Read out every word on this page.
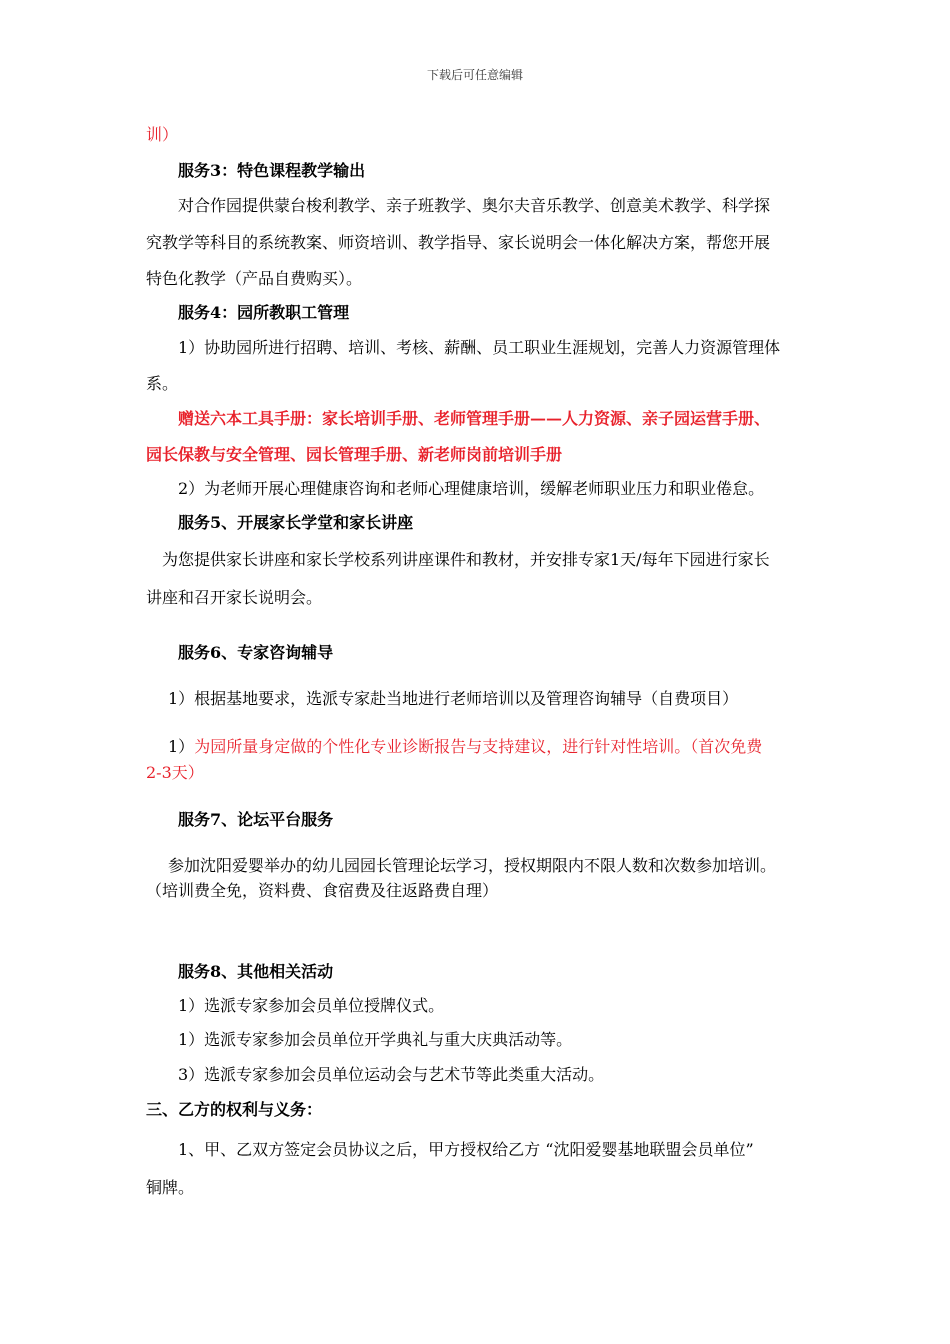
下载后可任意编辑
训）
服务3：特色课程教学输出
对合作园提供蒙台梭利教学、亲子班教学、奥尔夫音乐教学、创意美术教学、科学探
究教学等科目的系统教案、师资培训、教学指导、家长说明会一体化解决方案，帮您开展
特色化教学（产品自费购买）。
服务4：园所教职工管理
1）协助园所进行招聘、培训、考核、薪酬、员工职业生涯规划，完善人力资源管理体
系。
赠送六本工具手册：家长培训手册、老师管理手册——人力资源、亲子园运营手册、
园长保教与安全管理、园长管理手册、新老师岗前培训手册
2）为老师开展心理健康咨询和老师心理健康培训，缓解老师职业压力和职业倦怠。
服务5、开展家长学堂和家长讲座
为您提供家长讲座和家长学校系列讲座课件和教材，并安排专家1天/每年下园进行家长
讲座和召开家长说明会。
服务6、专家咨询辅导
1）根据基地要求，选派专家赴当地进行老师培训以及管理咨询辅导（自费项目）
1）为园所量身定做的个性化专业诊断报告与支持建议，进行针对性培训。（首次免费
2-3天）
服务7、论坛平台服务
参加沈阳爱婴举办的幼儿园园长管理论坛学习，授权期限内不限人数和次数参加培训。
（培训费全免，资料费、食宿费及往返路费自理）
服务8、其他相关活动
1）选派专家参加会员单位授牌仪式。
1）选派专家参加会员单位开学典礼与重大庆典活动等。
3）选派专家参加会员单位运动会与艺术节等此类重大活动。
三、乙方的权利与义务：
1、甲、乙双方签定会员协议之后，甲方授权给乙方 “沈阳爱婴基地联盟会员单位”
铜牌。
